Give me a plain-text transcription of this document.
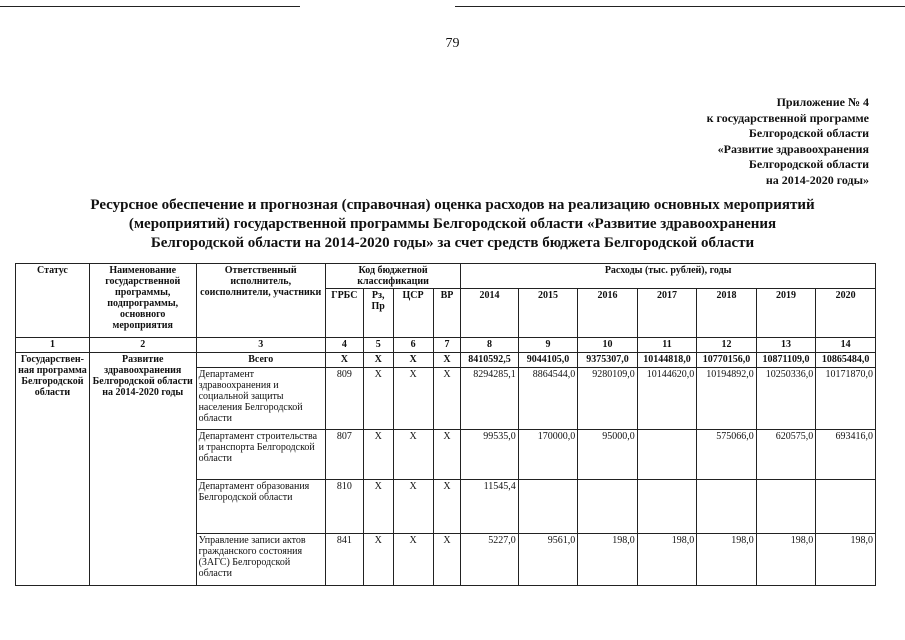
79
Приложение № 4
к государственной программе
Белгородской области
«Развитие здравоохранения
Белгородской области
на 2014-2020 годы»
Ресурсное обеспечение и прогнозная (справочная) оценка расходов на реализацию основных мероприятий
(мероприятий) государственной программы Белгородской области «Развитие здравоохранения
Белгородской области на 2014-2020 годы» за счет средств бюджета Белгородской области
Статус	Наименование государственной программы, подпрограммы, основного мероприятия	Ответственный исполнитель, соисполнители, участники	Код бюджетной классификации				Расходы (тыс. рублей), годы						
			ГРБС	Рз, Пр	ЦСР	ВР	2014	2015	2016	2017	2018	2019	2020
1	2	3	4	5	6	7	8	9	10	11	12	13	14
Государствен-ная программа Белгородской области	Развитие здравоохранения Белгородской области на 2014-2020 годы	Всего	Х	Х	Х	Х	8410592,5	9044105,0	9375307,0	10144818,0	10770156,0	10871109,0	10865484,0
		Департамент здравоохранения и социальной защиты населения Белгородской области	809	Х	Х	Х	8294285,1	8864544,0	9280109,0	10144620,0	10194892,0	10250336,0	10171870,0
		Департамент строительства и транспорта Белгородской области	807	Х	Х	Х	99535,0	170000,0	95000,0		575066,0	620575,0	693416,0
		Департамент образования Белгородской области	810	Х	Х	Х	11545,4						
		Управление записи актов гражданского состояния (ЗАГС) Белгородской области	841	Х	Х	Х	5227,0	9561,0	198,0	198,0	198,0	198,0	198,0
